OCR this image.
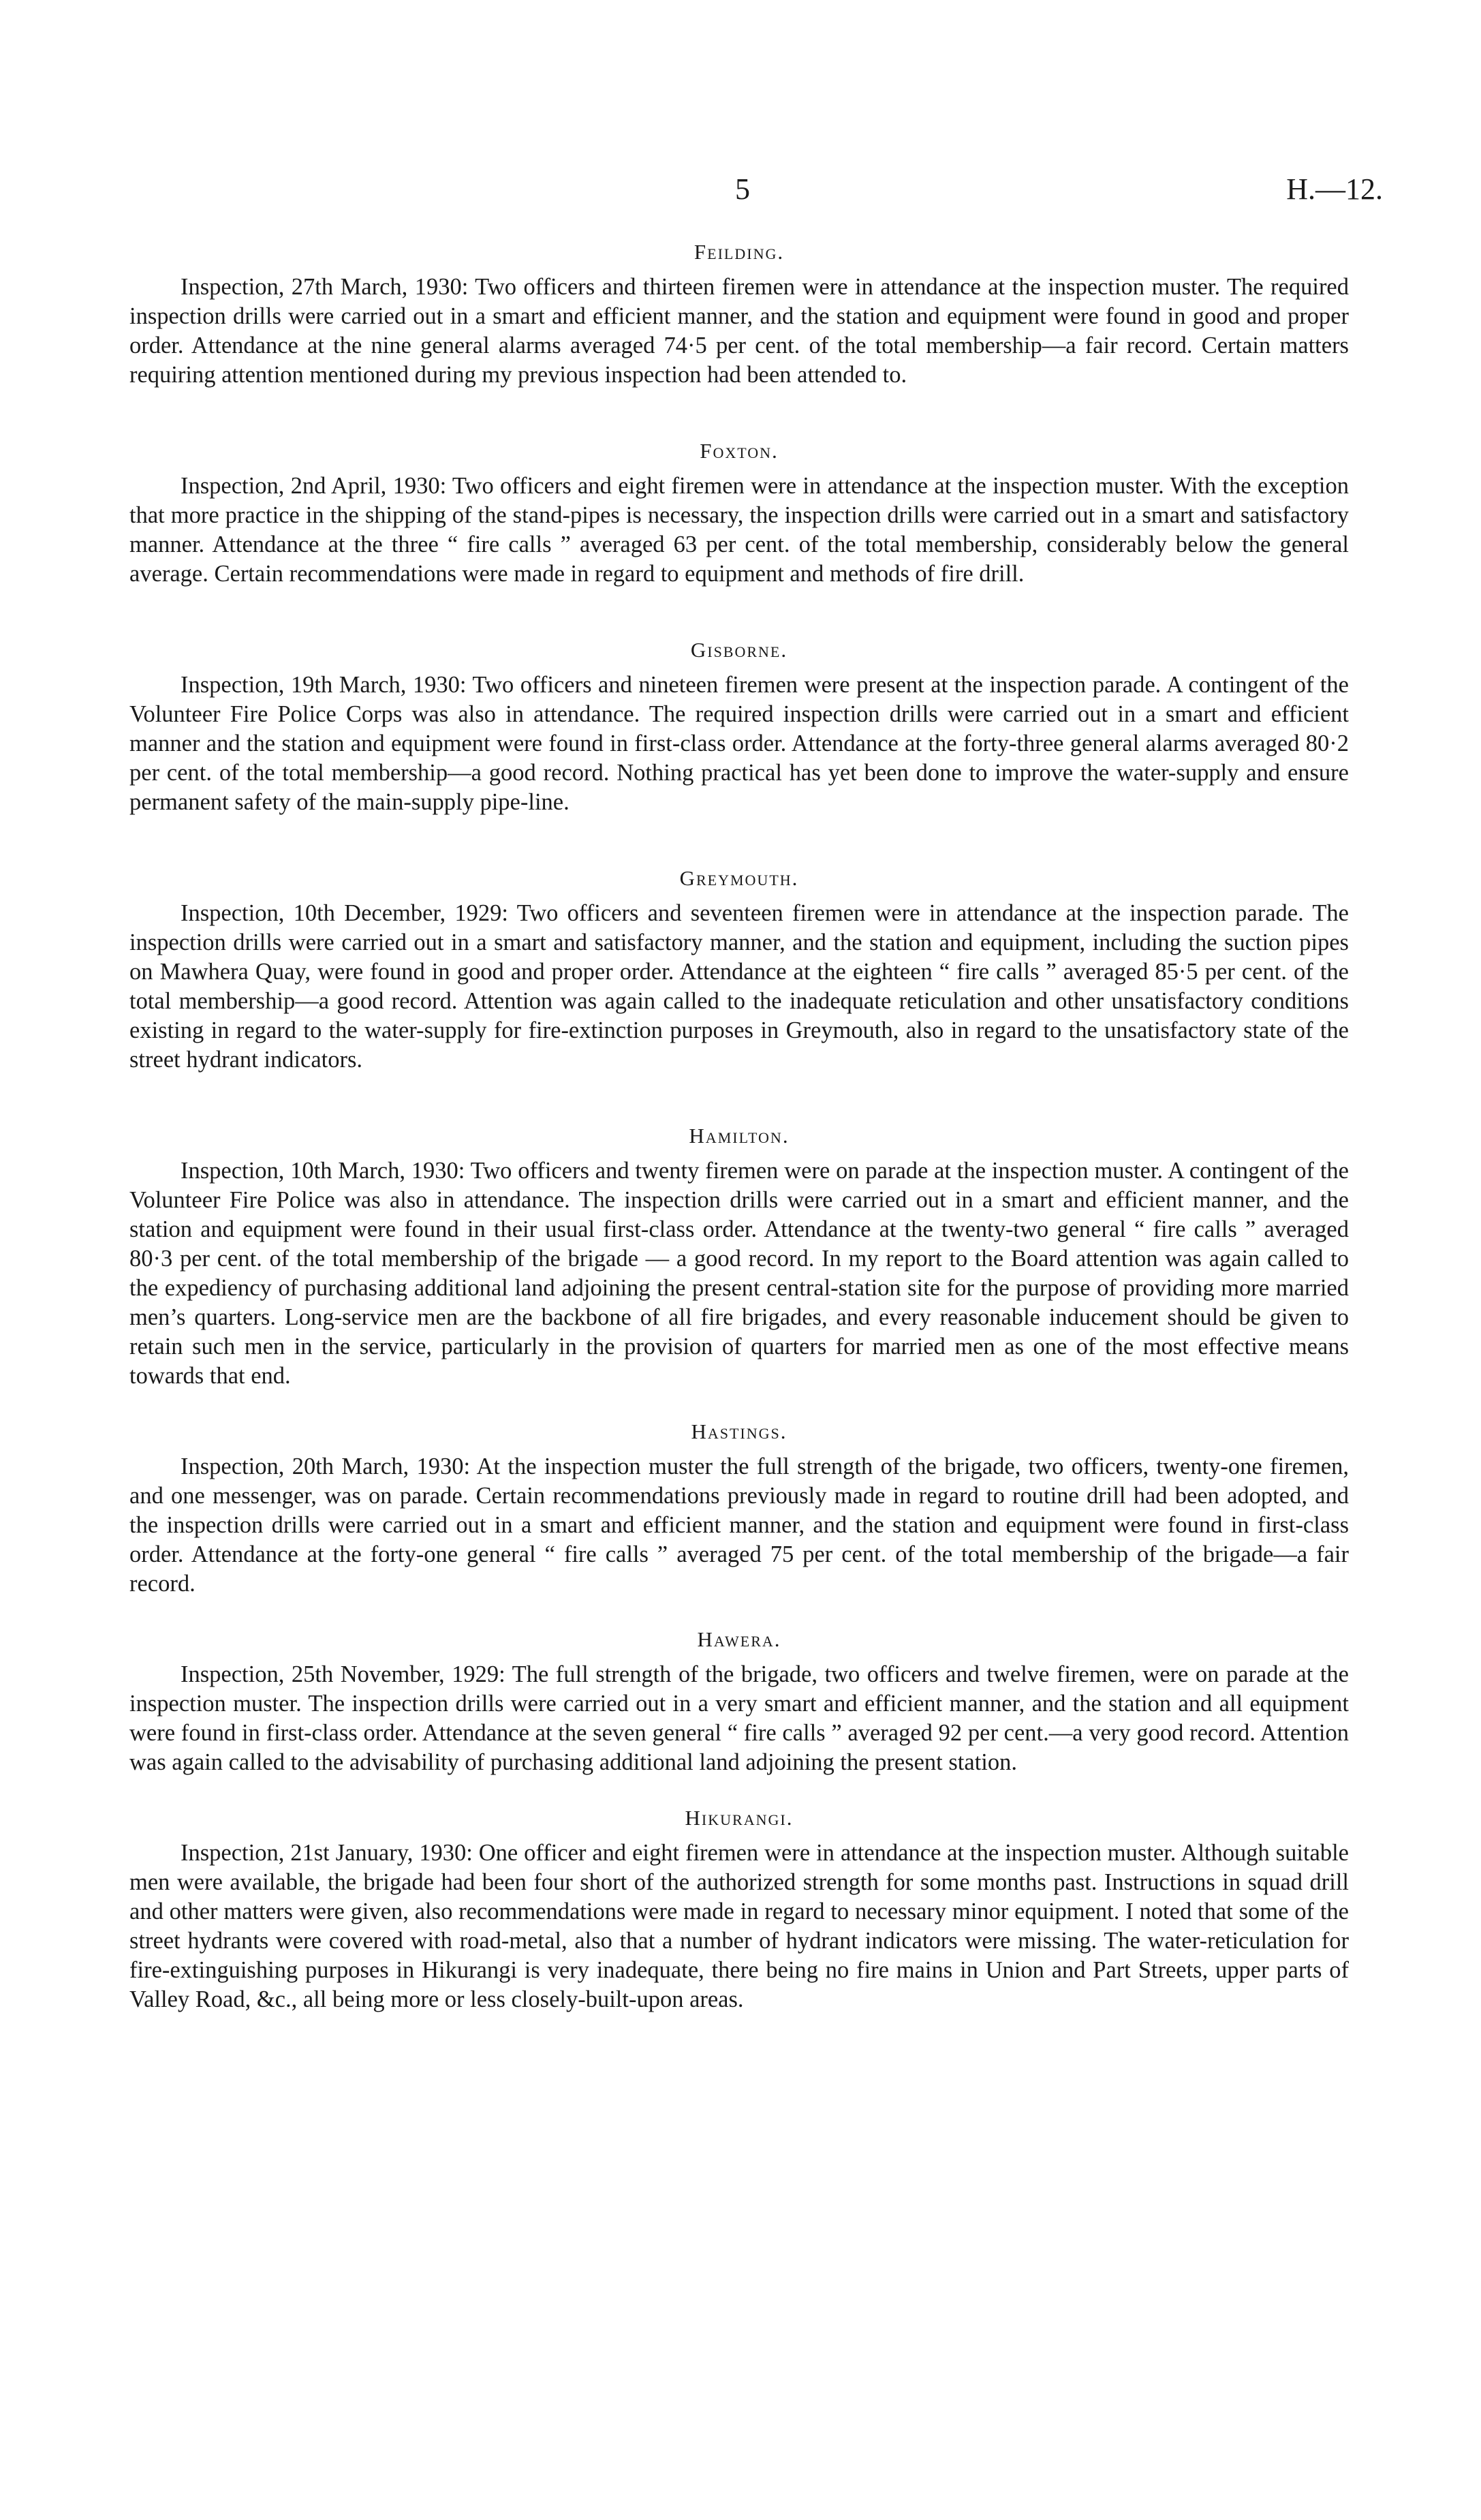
5	H.—12.
Feilding.

Inspection, 27th March, 1930: Two officers and thirteen firemen were in attendance at the inspection muster. The required inspection drills were carried out in a smart and efficient manner, and the station and equipment were found in good and proper order. Attendance at the nine general alarms averaged 74·5 per cent. of the total membership—a fair record. Certain matters requiring attention mentioned during my previous inspection had been attended to.

Foxton.

Inspection, 2nd April, 1930: Two officers and eight firemen were in attendance at the inspection muster. With the exception that more practice in the shipping of the stand-pipes is necessary, the inspection drills were carried out in a smart and satisfactory manner. Attendance at the three “ fire calls ” averaged 63 per cent. of the total membership, considerably below the general average. Certain recommendations were made in regard to equipment and methods of fire drill.

Gisborne.

Inspection, 19th March, 1930: Two officers and nineteen firemen were present at the inspection parade. A contingent of the Volunteer Fire Police Corps was also in attendance. The required inspection drills were carried out in a smart and efficient manner and the station and equipment were found in first-class order. Attendance at the forty-three general alarms averaged 80·2 per cent. of the total membership—a good record. Nothing practical has yet been done to improve the water-supply and ensure permanent safety of the main-supply pipe-line.

Greymouth.

Inspection, 10th December, 1929: Two officers and seventeen firemen were in attendance at the inspection parade. The inspection drills were carried out in a smart and satisfactory manner, and the station and equipment, including the suction pipes on Mawhera Quay, were found in good and proper order. Attendance at the eighteen “ fire calls ” averaged 85·5 per cent. of the total membership—a good record. Attention was again called to the inadequate reticulation and other unsatisfactory conditions existing in regard to the water-supply for fire-extinction purposes in Greymouth, also in regard to the unsatisfactory state of the street hydrant indicators.

Hamilton.

Inspection, 10th March, 1930: Two officers and twenty firemen were on parade at the inspection muster. A contingent of the Volunteer Fire Police was also in attendance. The inspection drills were carried out in a smart and efficient manner, and the station and equipment were found in their usual first-class order. Attendance at the twenty-two general “ fire calls ” averaged 80·3 per cent. of the total membership of the brigade — a good record. In my report to the Board attention was again called to the expediency of purchasing additional land adjoining the present central-station site for the purpose of providing more married men’s quarters. Long-service men are the backbone of all fire brigades, and every reasonable inducement should be given to retain such men in the service, particularly in the provision of quarters for married men as one of the most effective means towards that end.

Hastings.

Inspection, 20th March, 1930: At the inspection muster the full strength of the brigade, two officers, twenty-one firemen, and one messenger, was on parade. Certain recommendations previously made in regard to routine drill had been adopted, and the inspection drills were carried out in a smart and efficient manner, and the station and equipment were found in first-class order. Attendance at the forty-one general “ fire calls ” averaged 75 per cent. of the total membership of the brigade—a fair record.

Hawera.

Inspection, 25th November, 1929: The full strength of the brigade, two officers and twelve firemen, were on parade at the inspection muster. The inspection drills were carried out in a very smart and efficient manner, and the station and all equipment were found in first-class order. Attendance at the seven general “ fire calls ” averaged 92 per cent.—a very good record. Attention was again called to the advisability of purchasing additional land adjoining the present station.

Hikurangi.

Inspection, 21st January, 1930: One officer and eight firemen were in attendance at the inspection muster. Although suitable men were available, the brigade had been four short of the authorized strength for some months past. Instructions in squad drill and other matters were given, also recommendations were made in regard to necessary minor equipment. I noted that some of the street hydrants were covered with road-metal, also that a number of hydrant indicators were missing. The water-reticulation for fire-extinguishing purposes in Hikurangi is very inadequate, there being no fire mains in Union and Part Streets, upper parts of Valley Road, &c., all being more or less closely-built-upon areas.
